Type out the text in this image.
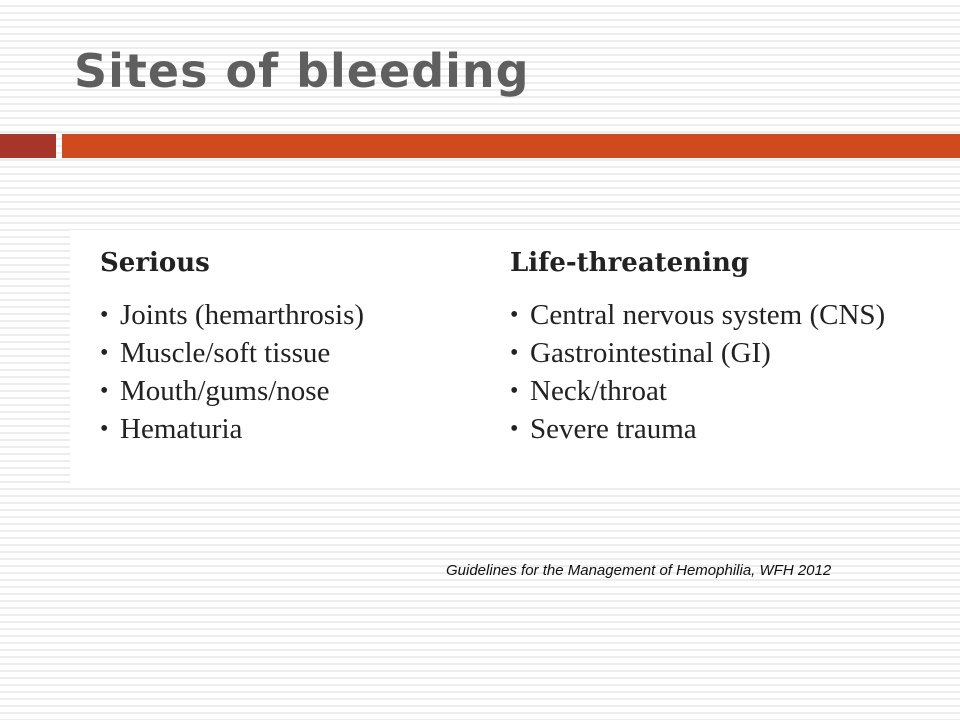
Sites of bleeding
Serious
• Joints (hemarthrosis)
• Muscle/soft tissue
• Mouth/gums/nose
• Hematuria
Life-threatening
• Central nervous system (CNS)
• Gastrointestinal (GI)
• Neck/throat
• Severe trauma
Guidelines for the Management of Hemophilia, WFH 2012
